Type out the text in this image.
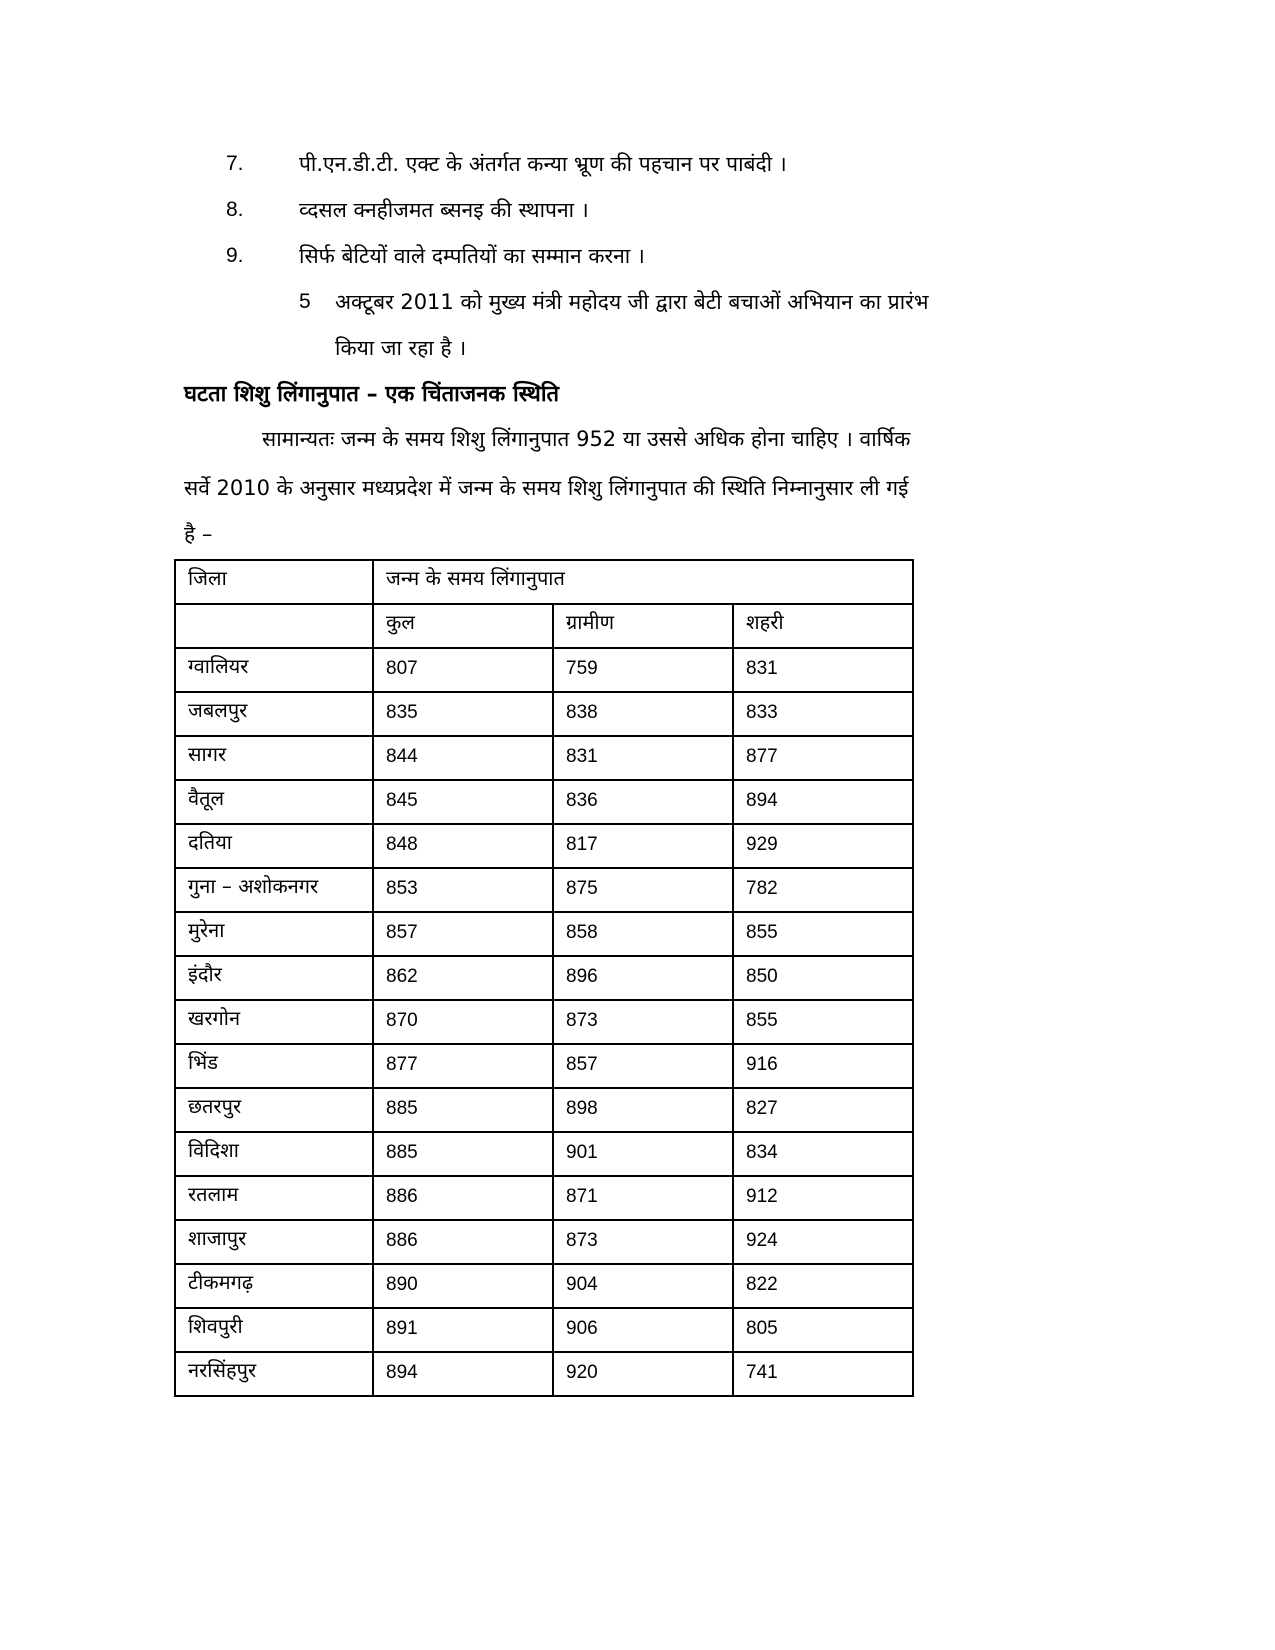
7.	पी.एन.डी.टी. एक्ट के अंतर्गत कन्या भ्रूण की पहचान पर पाबंदी ।
8.	व्दसल क्नहीजमत ब्सनइ की स्थापना ।
9.	सिर्फ बेटियों वाले दम्पतियों का सम्मान करना ।
5 अक्टूबर 2011 को मुख्य मंत्री महोदय जी द्वारा बेटी बचाओं अभियान का प्रारंभ
किया जा रहा है ।
घटता शिशु लिंगानुपात – एक चिंताजनक स्थिति
सामान्यतः जन्म के समय शिशु लिंगानुपात 952 या उससे अधिक होना चाहिए । वार्षिक
सर्वे 2010 के अनुसार मध्यप्रदेश में जन्म के समय शिशु लिंगानुपात की स्थिति निम्नानुसार ली गई
है –
जिला	जन्म के समय लिंगानुपात		
	कुल	ग्रामीण	शहरी
ग्वालियर	807	759	831
जबलपुर	835	838	833
सागर	844	831	877
वैतूल	845	836	894
दतिया	848	817	929
गुना – अशोकनगर	853	875	782
मुरेना	857	858	855
इंदौर	862	896	850
खरगोन	870	873	855
भिंड	877	857	916
छतरपुर	885	898	827
विदिशा	885	901	834
रतलाम	886	871	912
शाजापुर	886	873	924
टीकमगढ़	890	904	822
शिवपुरी	891	906	805
नरसिंहपुर	894	920	741
